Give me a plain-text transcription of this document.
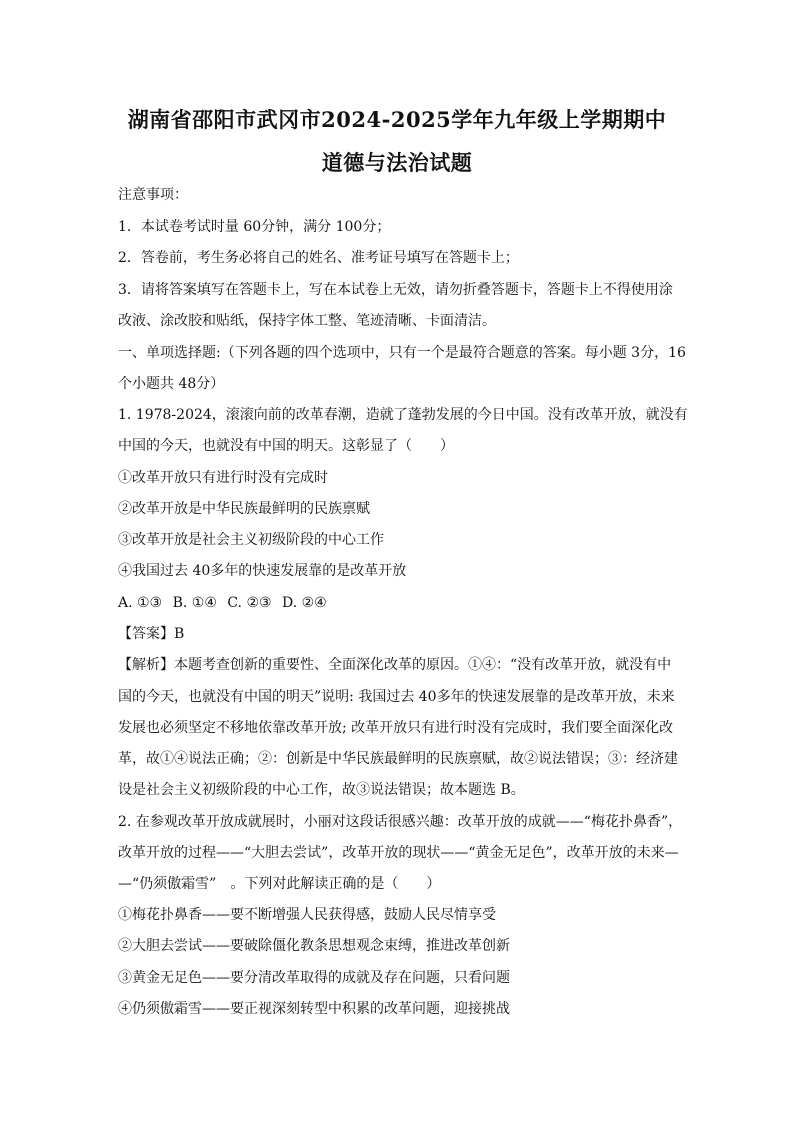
湖南省邵阳市武冈市2024-2025学年九年级上学期期中
道德与法治试题
注意事项：
1．本试卷考试时量 60分钟，满分 100分；
2．答卷前，考生务必将自己的姓名、准考证号填写在答题卡上；
3．请将答案填写在答题卡上，写在本试卷上无效，请勿折叠答题卡，答题卡上不得使用涂
改液、涂改胶和贴纸，保持字体工整、笔迹清晰、卡面清洁。
一、单项选择题:（下列各题的四个选项中，只有一个是最符合题意的答案。每小题 3分，16
个小题共 48分）
1. 1978-2024，滚滚向前的改革春潮，造就了蓬勃发展的今日中国。没有改革开放，就没有
中国的今天，也就没有中国的明天。这彰显了（　　）
①改革开放只有进行时没有完成时
②改革开放是中华民族最鲜明的民族禀赋
③改革开放是社会主义初级阶段的中心工作
④我国过去 40多年的快速发展靠的是改革开放
A. ①③ B. ①④ C. ②③ D. ②④
【答案】B
【解析】本题考查创新的重要性、全面深化改革的原因。①④：“没有改革开放，就没有中
国的今天，也就没有中国的明天”说明: 我国过去 40多年的快速发展靠的是改革开放，未来
发展也必须坚定不移地依靠改革开放; 改革开放只有进行时没有完成时，我们要全面深化改
革，故①④说法正确；②：创新是中华民族最鲜明的民族禀赋，故②说法错误；③：经济建
设是社会主义初级阶段的中心工作，故③说法错误；故本题选 B。
2. 在参观改革开放成就展时，小丽对这段话很感兴趣：改革开放的成就——“梅花扑鼻香”，
改革开放的过程——“大胆去尝试”，改革开放的现状——“黄金无足色”，改革开放的未来—
—“仍须傲霜雪”　。下列对此解读正确的是（　　）
①梅花扑鼻香——要不断增强人民获得感，鼓励人民尽情享受
②大胆去尝试——要破除僵化教条思想观念束缚，推进改革创新
③黄金无足色——要分清改革取得的成就及存在问题，只看问题
④仍须傲霜雪——要正视深刻转型中积累的改革问题，迎接挑战
